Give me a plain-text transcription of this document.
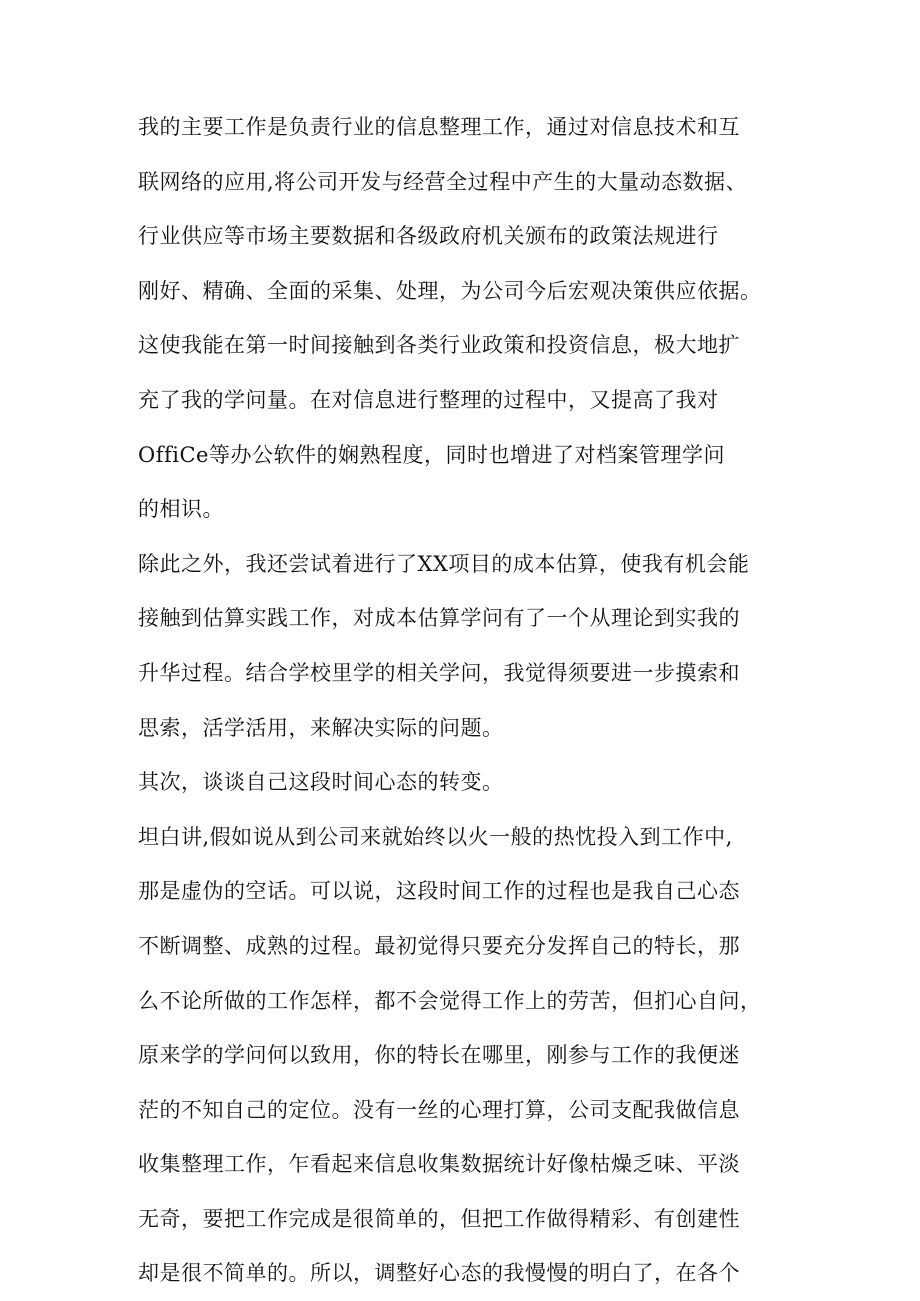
我的主要工作是负责行业的信息整理工作，通过对信息技术和互
联网络的应用,将公司开发与经营全过程中产生的大量动态数据、
行业供应等市场主要数据和各级政府机关颁布的政策法规进行
刚好、精确、全面的采集、处理，为公司今后宏观决策供应依据。
这使我能在第一时间接触到各类行业政策和投资信息，极大地扩
充了我的学问量。在对信息进行整理的过程中，又提高了我对
OffiCe等办公软件的娴熟程度，同时也增进了对档案管理学问
的相识。
除此之外，我还尝试着进行了XX项目的成本估算，使我有机会能
接触到估算实践工作，对成本估算学问有了一个从理论到实我的
升华过程。结合学校里学的相关学问，我觉得须要进一步摸索和
思索，活学活用，来解决实际的问题。
其次，谈谈自己这段时间心态的转变。
坦白讲,假如说从到公司来就始终以火一般的热忱投入到工作中,
那是虚伪的空话。可以说，这段时间工作的过程也是我自己心态
不断调整、成熟的过程。最初觉得只要充分发挥自己的特长，那
么不论所做的工作怎样，都不会觉得工作上的劳苦，但扪心自问，
原来学的学问何以致用，你的特长在哪里，刚参与工作的我便迷
茫的不知自己的定位。没有一丝的心理打算，公司支配我做信息
收集整理工作，乍看起来信息收集数据统计好像枯燥乏味、平淡
无奇，要把工作完成是很简单的，但把工作做得精彩、有创建性
却是很不简单的。所以，调整好心态的我慢慢的明白了，在各个
